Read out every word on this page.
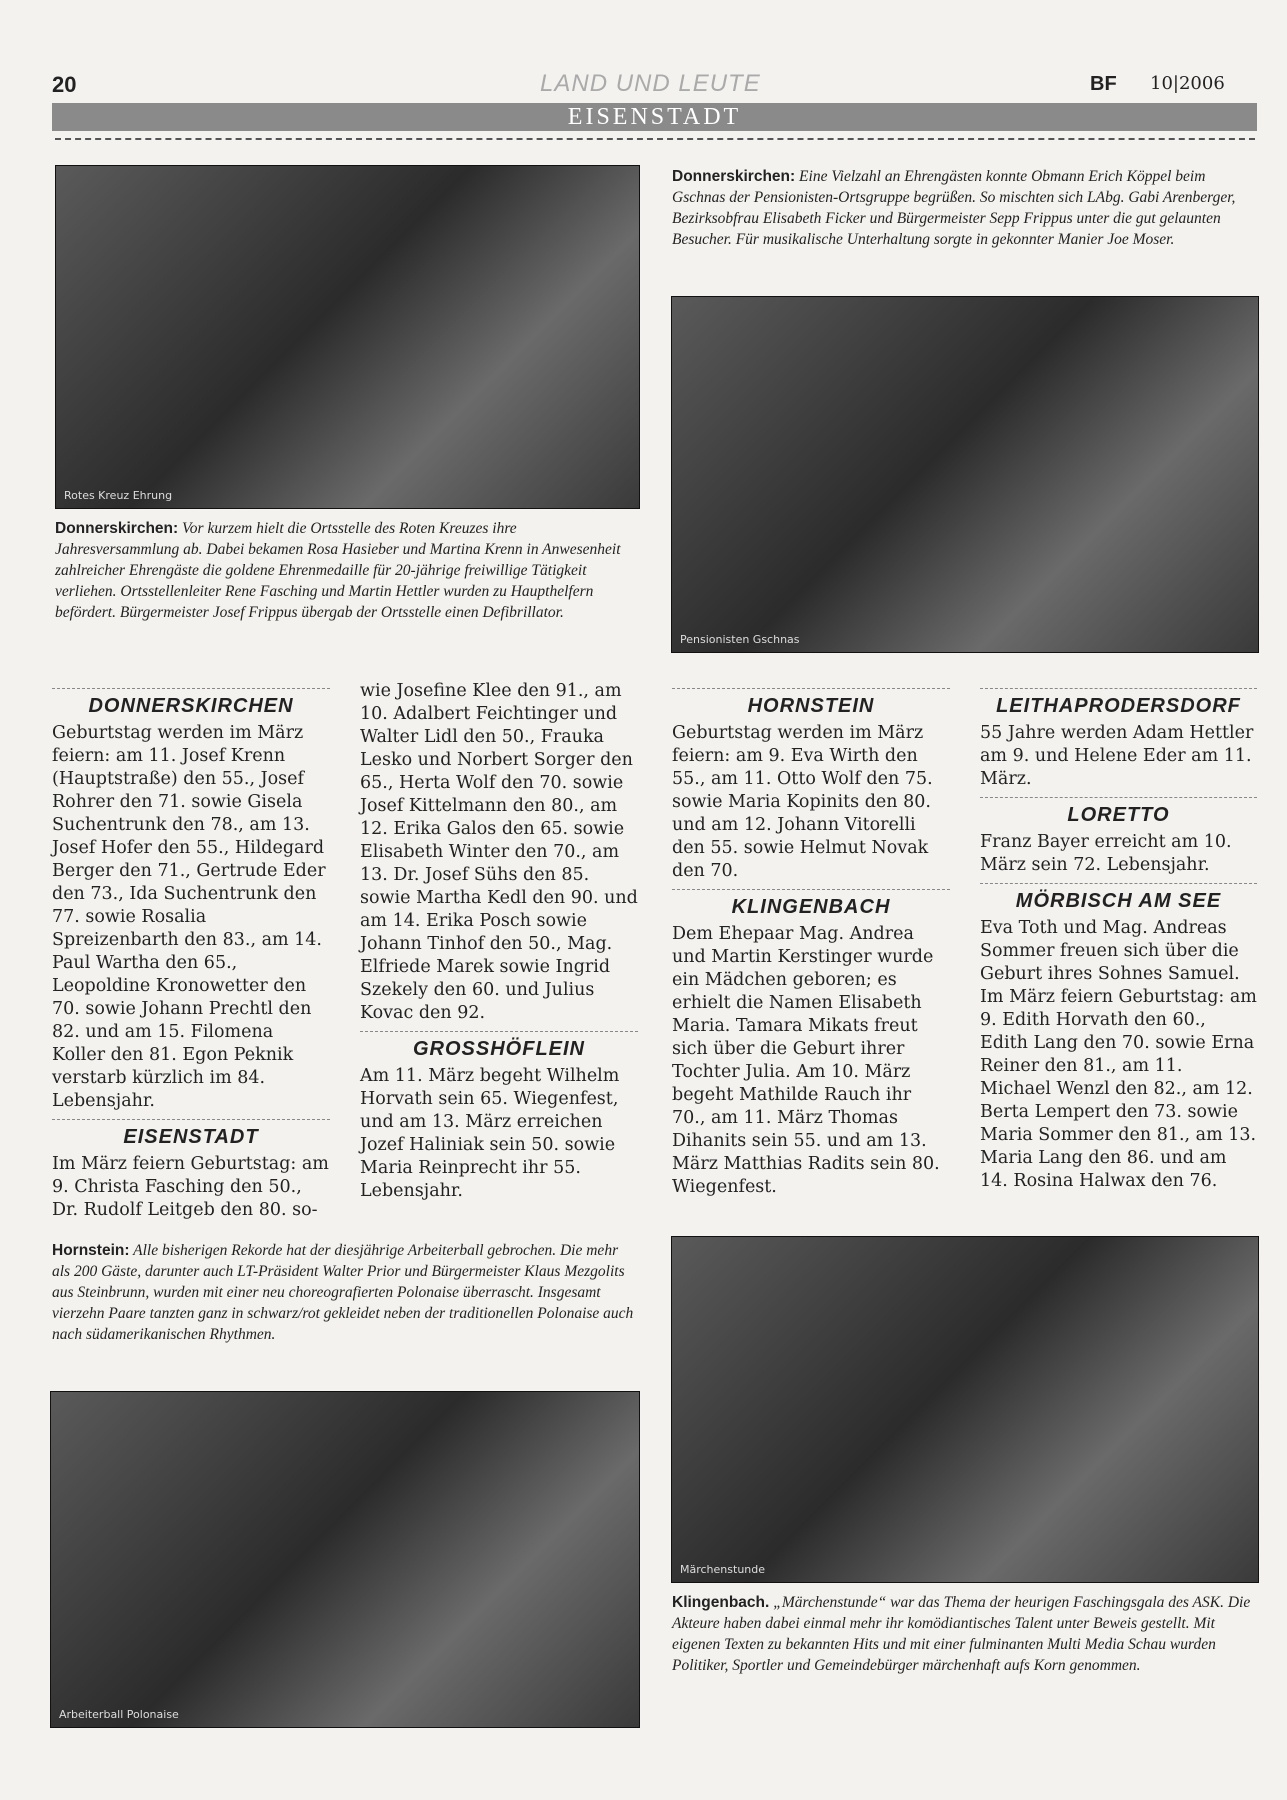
20	LAND UND LEUTE	BF 10|2006
EISENSTADT
Rotes Kreuz Ehrung
Pensionisten Gschnas
Arbeiterball Polonaise
Märchenstunde
Donnerskirchen: Eine Vielzahl an Ehrengästen konnte Obmann Erich Köppel beim Gschnas der Pensionisten-Ortsgruppe begrüßen. So mischten sich LAbg. Gabi Arenberger, Bezirksobfrau Elisabeth Ficker und Bürgermeister Sepp Frippus unter die gut gelaunten Besucher. Für musikalische Unterhaltung sorgte in gekonnter Manier Joe Moser.
Donnerskirchen: Vor kurzem hielt die Ortsstelle des Roten Kreuzes ihre Jahresversammlung ab. Dabei bekamen Rosa Hasieber und Martina Krenn in Anwesenheit zahlreicher Ehrengäste die goldene Ehrenmedaille für 20-jährige freiwillige Tätigkeit verliehen. Ortsstellenleiter Rene Fasching und Martin Hettler wurden zu Haupthelfern befördert. Bürgermeister Josef Frippus übergab der Ortsstelle einen Defibrillator.
Hornstein: Alle bisherigen Rekorde hat der diesjährige Arbeiterball gebrochen. Die mehr als 200 Gäste, darunter auch LT-Präsident Walter Prior und Bürgermeister Klaus Mezgolits aus Steinbrunn, wurden mit einer neu choreografierten Polonaise überrascht. Insgesamt vierzehn Paare tanzten ganz in schwarz/rot gekleidet neben der traditionellen Polonaise auch nach südamerikanischen Rhythmen.
Klingenbach. „Märchenstunde“ war das Thema der heurigen Faschingsgala des ASK. Die Akteure haben dabei einmal mehr ihr komödiantisches Talent unter Beweis gestellt. Mit eigenen Texten zu bekannten Hits und mit einer fulminanten Multi Media Schau wurden Politiker, Sportler und Gemeindebürger märchenhaft aufs Korn genommen.
DONNERSKIRCHEN

Geburtstag werden im März feiern: am 11. Josef Krenn (Hauptstraße) den 55., Josef Rohrer den 71. sowie Gisela Suchentrunk den 78., am 13. Josef Hofer den 55., Hildegard Berger den 71., Gertrude Eder den 73., Ida Suchentrunk den 77. sowie Rosalia Spreizenbarth den 83., am 14. Paul Wartha den 65., Leopoldine Kronowetter den 70. sowie Johann Prechtl den 82. und am 15. Filomena Koller den 81. Egon Peknik verstarb kürzlich im 84. Lebensjahr.

EISENSTADT

Im März feiern Geburtstag: am 9. Christa Fasching den 50., Dr. Rudolf Leitgeb den 80. so-

wie Josefine Klee den 91., am 10. Adalbert Feichtinger und Walter Lidl den 50., Frauka Lesko und Norbert Sorger den 65., Herta Wolf den 70. sowie Josef Kittelmann den 80., am 12. Erika Galos den 65. sowie Elisabeth Winter den 70., am 13. Dr. Josef Sühs den 85. sowie Martha Kedl den 90. und am 14. Erika Posch sowie Johann Tinhof den 50., Mag. Elfriede Marek sowie Ingrid Szekely den 60. und Julius Kovac den 92.

GROSSHÖFLEIN

Am 11. März begeht Wilhelm Horvath sein 65. Wiegenfest, und am 13. März erreichen Jozef Haliniak sein 50. sowie Maria Reinprecht ihr 55. Lebensjahr.

HORNSTEIN

Geburtstag werden im März feiern: am 9. Eva Wirth den 55., am 11. Otto Wolf den 75. sowie Maria Kopinits den 80. und am 12. Johann Vitorelli den 55. sowie Helmut Novak den 70.

KLINGENBACH

Dem Ehepaar Mag. Andrea und Martin Kerstinger wurde ein Mädchen geboren; es erhielt die Namen Elisabeth Maria. Tamara Mikats freut sich über die Geburt ihrer Tochter Julia. Am 10. März begeht Mathilde Rauch ihr 70., am 11. März Thomas Dihanits sein 55. und am 13. März Matthias Radits sein 80. Wiegenfest.

LEITHAPRODERSDORF

55 Jahre werden Adam Hettler am 9. und Helene Eder am 11. März.

LORETTO

Franz Bayer erreicht am 10. März sein 72. Lebensjahr.

MÖRBISCH AM SEE

Eva Toth und Mag. Andreas Sommer freuen sich über die Geburt ihres Sohnes Samuel. Im März feiern Geburtstag: am 9. Edith Horvath den 60., Edith Lang den 70. sowie Erna Reiner den 81., am 11. Michael Wenzl den 82., am 12. Berta Lempert den 73. sowie Maria Sommer den 81., am 13. Maria Lang den 86. und am 14. Rosina Halwax den 76.
